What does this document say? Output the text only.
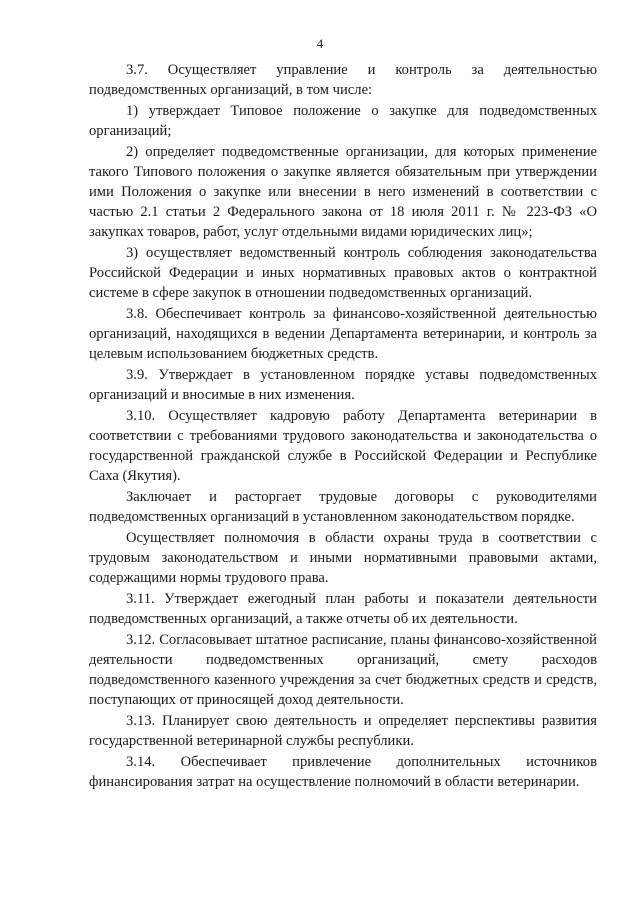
4

3.7. Осуществляет управление и контроль за деятельностью подведомственных организаций, в том числе:

1) утверждает Типовое положение о закупке для подведомственных организаций;

2) определяет подведомственные организации, для которых применение такого Типового положения о закупке является обязательным при утверждении ими Положения о закупке или внесении в него изменений в соответствии с частью 2.1 статьи 2 Федерального закона от 18 июля 2011 г. № 223-ФЗ «О закупках товаров, работ, услуг отдельными видами юридических лиц»;

3) осуществляет ведомственный контроль соблюдения законодательства Российской Федерации и иных нормативных правовых актов о контрактной системе в сфере закупок в отношении подведомственных организаций.

3.8. Обеспечивает контроль за финансово-хозяйственной деятельностью организаций, находящихся в ведении Департамента ветеринарии, и контроль за целевым использованием бюджетных средств.

3.9. Утверждает в установленном порядке уставы подведомственных организаций и вносимые в них изменения.

3.10. Осуществляет кадровую работу Департамента ветеринарии в соответствии с требованиями трудового законодательства и законодательства о государственной гражданской службе в Российской Федерации и Республике Саха (Якутия).

Заключает и расторгает трудовые договоры с руководителями подведомственных организаций в установленном законодательством порядке.

Осуществляет полномочия в области охраны труда в соответствии с трудовым законодательством и иными нормативными правовыми актами, содержащими нормы трудового права.

3.11. Утверждает ежегодный план работы и показатели деятельности подведомственных организаций, а также отчеты об их деятельности.

3.12. Согласовывает штатное расписание, планы финансово-хозяйственной деятельности подведомственных организаций, смету расходов подведомственного казенного учреждения за счет бюджетных средств и средств, поступающих от приносящей доход деятельности.

3.13. Планирует свою деятельность и определяет перспективы развития государственной ветеринарной службы республики.

3.14. Обеспечивает привлечение дополнительных источников финансирования затрат на осуществление полномочий в области ветеринарии.
